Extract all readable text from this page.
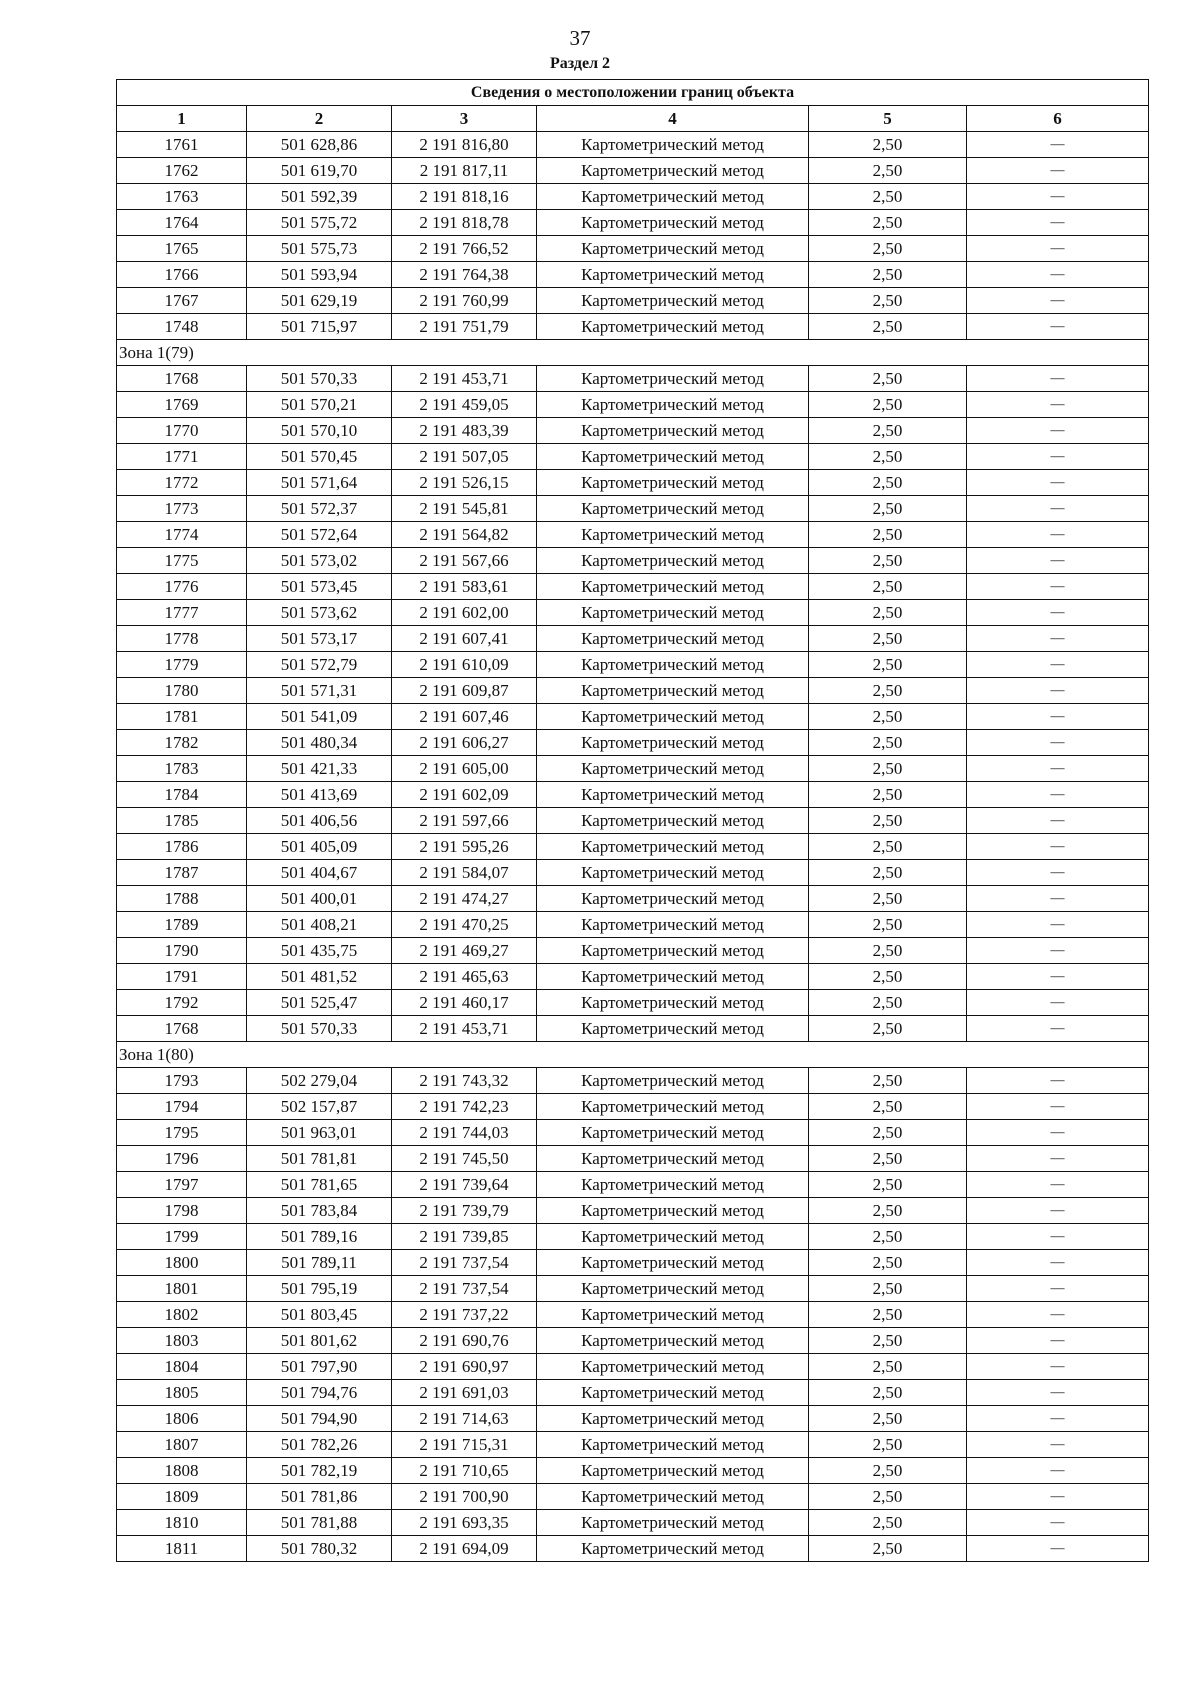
37
Раздел 2
Сведения о местоположении границ объекта					
1	2	3	4	5	6
1761	501 628,86	2 191 816,80	Картометрический метод	2,50	—
1762	501 619,70	2 191 817,11	Картометрический метод	2,50	—
1763	501 592,39	2 191 818,16	Картометрический метод	2,50	—
1764	501 575,72	2 191 818,78	Картометрический метод	2,50	—
1765	501 575,73	2 191 766,52	Картометрический метод	2,50	—
1766	501 593,94	2 191 764,38	Картометрический метод	2,50	—
1767	501 629,19	2 191 760,99	Картометрический метод	2,50	—
1748	501 715,97	2 191 751,79	Картометрический метод	2,50	—
Зона 1(79)					
1768	501 570,33	2 191 453,71	Картометрический метод	2,50	—
1769	501 570,21	2 191 459,05	Картометрический метод	2,50	—
1770	501 570,10	2 191 483,39	Картометрический метод	2,50	—
1771	501 570,45	2 191 507,05	Картометрический метод	2,50	—
1772	501 571,64	2 191 526,15	Картометрический метод	2,50	—
1773	501 572,37	2 191 545,81	Картометрический метод	2,50	—
1774	501 572,64	2 191 564,82	Картометрический метод	2,50	—
1775	501 573,02	2 191 567,66	Картометрический метод	2,50	—
1776	501 573,45	2 191 583,61	Картометрический метод	2,50	—
1777	501 573,62	2 191 602,00	Картометрический метод	2,50	—
1778	501 573,17	2 191 607,41	Картометрический метод	2,50	—
1779	501 572,79	2 191 610,09	Картометрический метод	2,50	—
1780	501 571,31	2 191 609,87	Картометрический метод	2,50	—
1781	501 541,09	2 191 607,46	Картометрический метод	2,50	—
1782	501 480,34	2 191 606,27	Картометрический метод	2,50	—
1783	501 421,33	2 191 605,00	Картометрический метод	2,50	—
1784	501 413,69	2 191 602,09	Картометрический метод	2,50	—
1785	501 406,56	2 191 597,66	Картометрический метод	2,50	—
1786	501 405,09	2 191 595,26	Картометрический метод	2,50	—
1787	501 404,67	2 191 584,07	Картометрический метод	2,50	—
1788	501 400,01	2 191 474,27	Картометрический метод	2,50	—
1789	501 408,21	2 191 470,25	Картометрический метод	2,50	—
1790	501 435,75	2 191 469,27	Картометрический метод	2,50	—
1791	501 481,52	2 191 465,63	Картометрический метод	2,50	—
1792	501 525,47	2 191 460,17	Картометрический метод	2,50	—
1768	501 570,33	2 191 453,71	Картометрический метод	2,50	—
Зона 1(80)					
1793	502 279,04	2 191 743,32	Картометрический метод	2,50	—
1794	502 157,87	2 191 742,23	Картометрический метод	2,50	—
1795	501 963,01	2 191 744,03	Картометрический метод	2,50	—
1796	501 781,81	2 191 745,50	Картометрический метод	2,50	—
1797	501 781,65	2 191 739,64	Картометрический метод	2,50	—
1798	501 783,84	2 191 739,79	Картометрический метод	2,50	—
1799	501 789,16	2 191 739,85	Картометрический метод	2,50	—
1800	501 789,11	2 191 737,54	Картометрический метод	2,50	—
1801	501 795,19	2 191 737,54	Картометрический метод	2,50	—
1802	501 803,45	2 191 737,22	Картометрический метод	2,50	—
1803	501 801,62	2 191 690,76	Картометрический метод	2,50	—
1804	501 797,90	2 191 690,97	Картометрический метод	2,50	—
1805	501 794,76	2 191 691,03	Картометрический метод	2,50	—
1806	501 794,90	2 191 714,63	Картометрический метод	2,50	—
1807	501 782,26	2 191 715,31	Картометрический метод	2,50	—
1808	501 782,19	2 191 710,65	Картометрический метод	2,50	—
1809	501 781,86	2 191 700,90	Картометрический метод	2,50	—
1810	501 781,88	2 191 693,35	Картометрический метод	2,50	—
1811	501 780,32	2 191 694,09	Картометрический метод	2,50	—
